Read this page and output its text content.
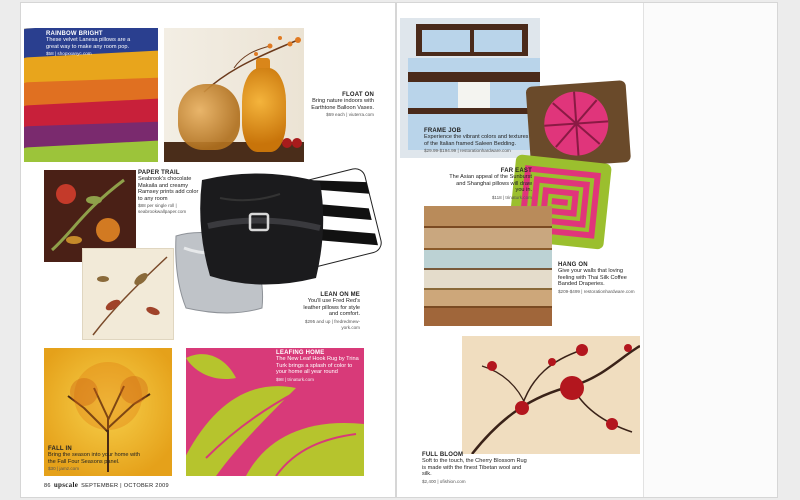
RAINBOW BRIGHT
These velvet Lanesa pillows are a great way to make any room pop.
$58 | shopxxanyc.com
FLOAT ON
Bring nature indoors with Earthtone Balloon Vases.
$69 each | viuterra.com
PAPER TRAIL
Seabrook's chocolate Makaila and creamy Ramsey prints add color to any room
$88 per single roll | seabrookwallpaper.com
LEAN ON ME
You'll use Fred Red's leather pillows for style and comfort.
$295 and up | fredredmew-york.com
FALL IN
Bring the season into your home with the Fall Four Seasons panel.
$30 | jamz.com
LEAFING HOME
The New Leaf Hook Rug by Trina Turk brings a splash of color to your home all year round
$98 | trinaturk.com
FRAME JOB
Experience the vibrant colors and textures of the Italian framed Saleen Bedding.
$29.99-$194.99 | restorationhardware.com
FAR EAST
The Asian appeal of the Sunburst and Shanghai pillows will draw you in.
$118 | trinaturk.com
HANG ON
Give your walls that loving feeling with Thai Silk Coffee Banded Draperies.
$209-$499 | restorationhardware.com
FULL BLOOM
Soft to the touch, the Cherry Blossom Rug is made with the finest Tibetan wool and silk.
$2,400 | ofishion.com
86 upscale SEPTEMBER | OCTOBER 2009
